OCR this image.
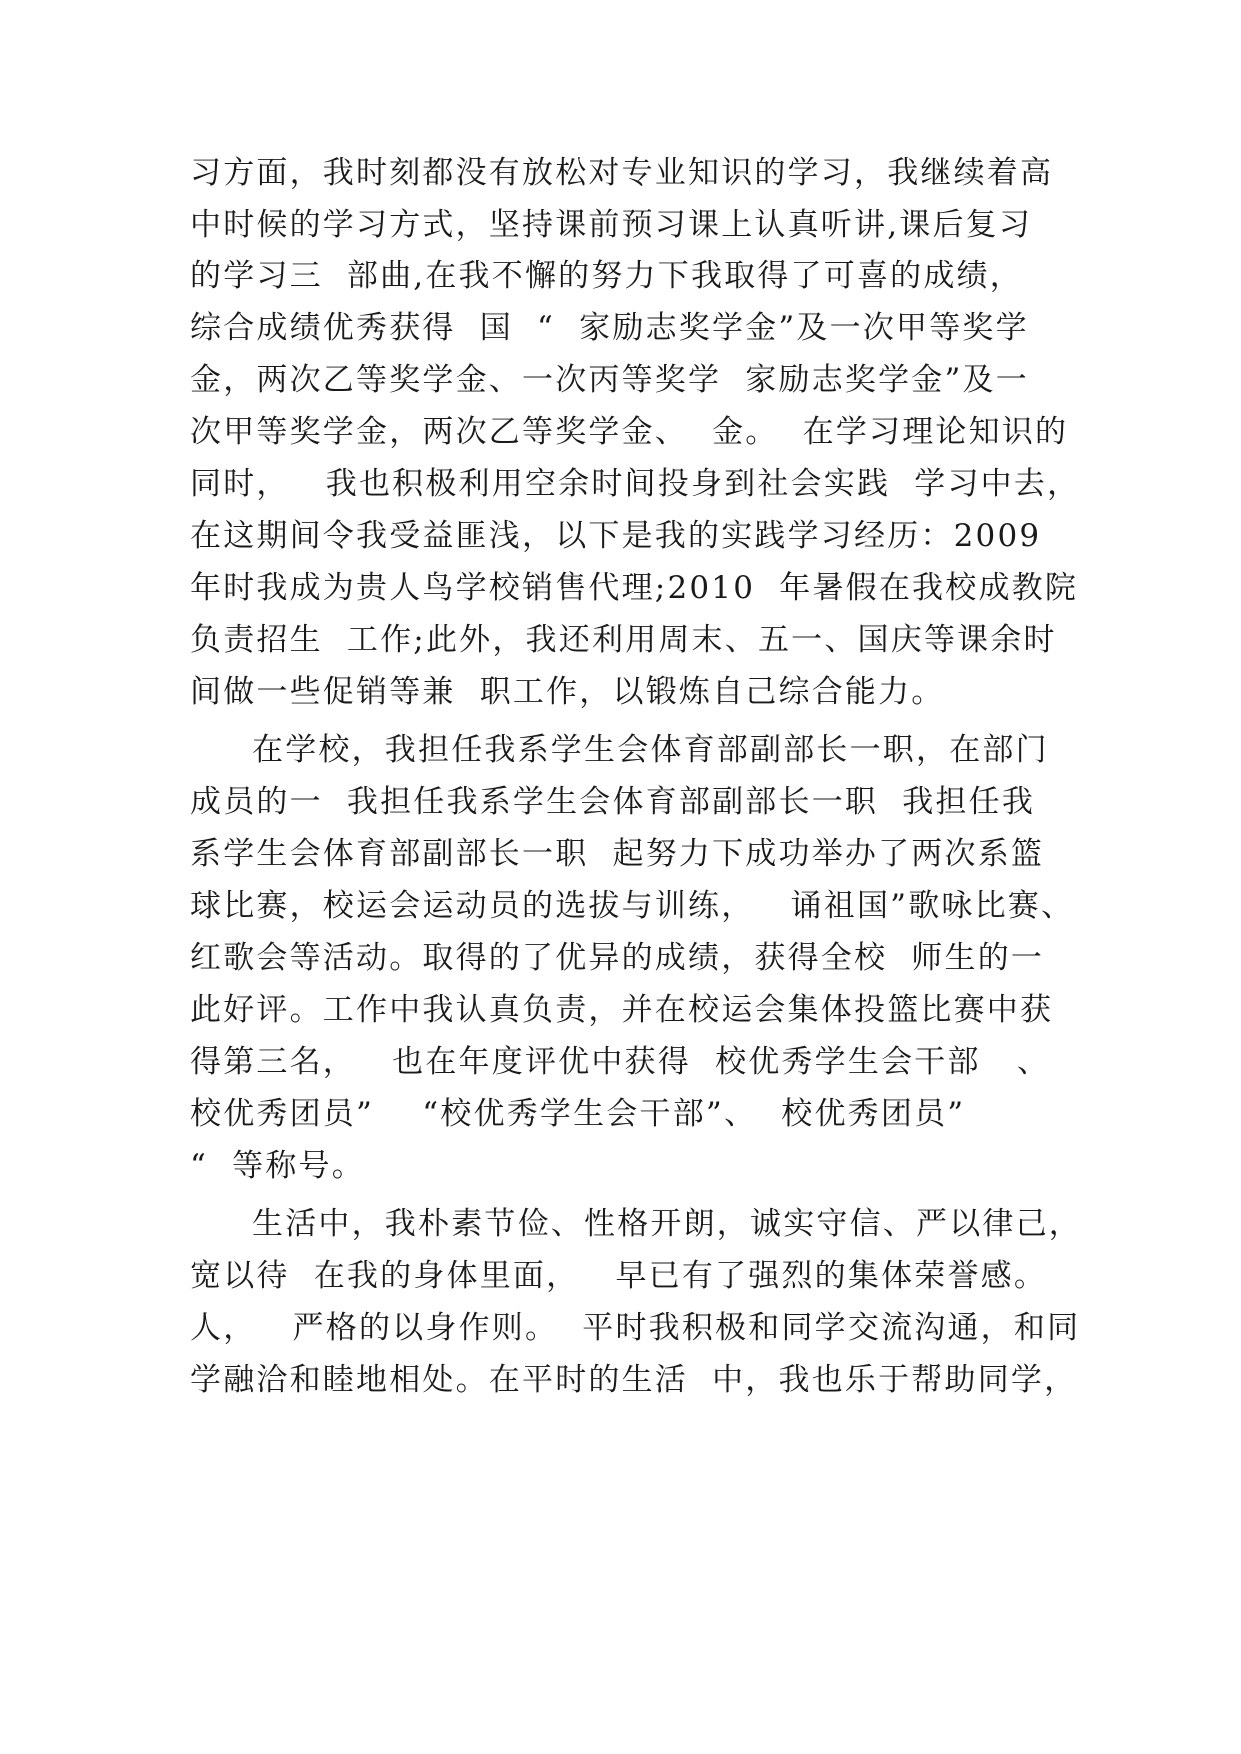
习方面，我时刻都没有放松对专业知识的学习，我继续着高
中时候的学习方式，坚持课前预习课上认真听讲,课后复习
的学习三  部曲,在我不懈的努力下我取得了可喜的成绩，
综合成绩优秀获得  国  “  家励志奖学金”及一次甲等奖学
金，两次乙等奖学金、一次丙等奖学  家励志奖学金”及一
次甲等奖学金，两次乙等奖学金、  金。  在学习理论知识的
同时，   我也积极利用空余时间投身到社会实践  学习中去，
在这期间令我受益匪浅，以下是我的实践学习经历：2009
年时我成为贵人鸟学校销售代理;2010  年暑假在我校成教院
负责招生  工作;此外，我还利用周末、五一、国庆等课余时
间做一些促销等兼  职工作，以锻炼自己综合能力。
在学校，我担任我系学生会体育部副部长一职，在部门
成员的一  我担任我系学生会体育部副部长一职  我担任我
系学生会体育部副部长一职  起努力下成功举办了两次系篮
球比赛，校运会运动员的选拔与训练，   诵祖国”歌咏比赛、
红歌会等活动。取得的了优异的成绩，获得全校  师生的一
此好评。工作中我认真负责，并在校运会集体投篮比赛中获
得第三名，   也在年度评优中获得  校优秀学生会干部   、
校优秀团员”    “校优秀学生会干部”、  校优秀团员”
“  等称号。
生活中，我朴素节俭、性格开朗，诚实守信、严以律己，
宽以待  在我的身体里面，   早已有了强烈的集体荣誉感。
人，   严格的以身作则。  平时我积极和同学交流沟通，和同
学融洽和睦地相处。在平时的生活  中，我也乐于帮助同学，
